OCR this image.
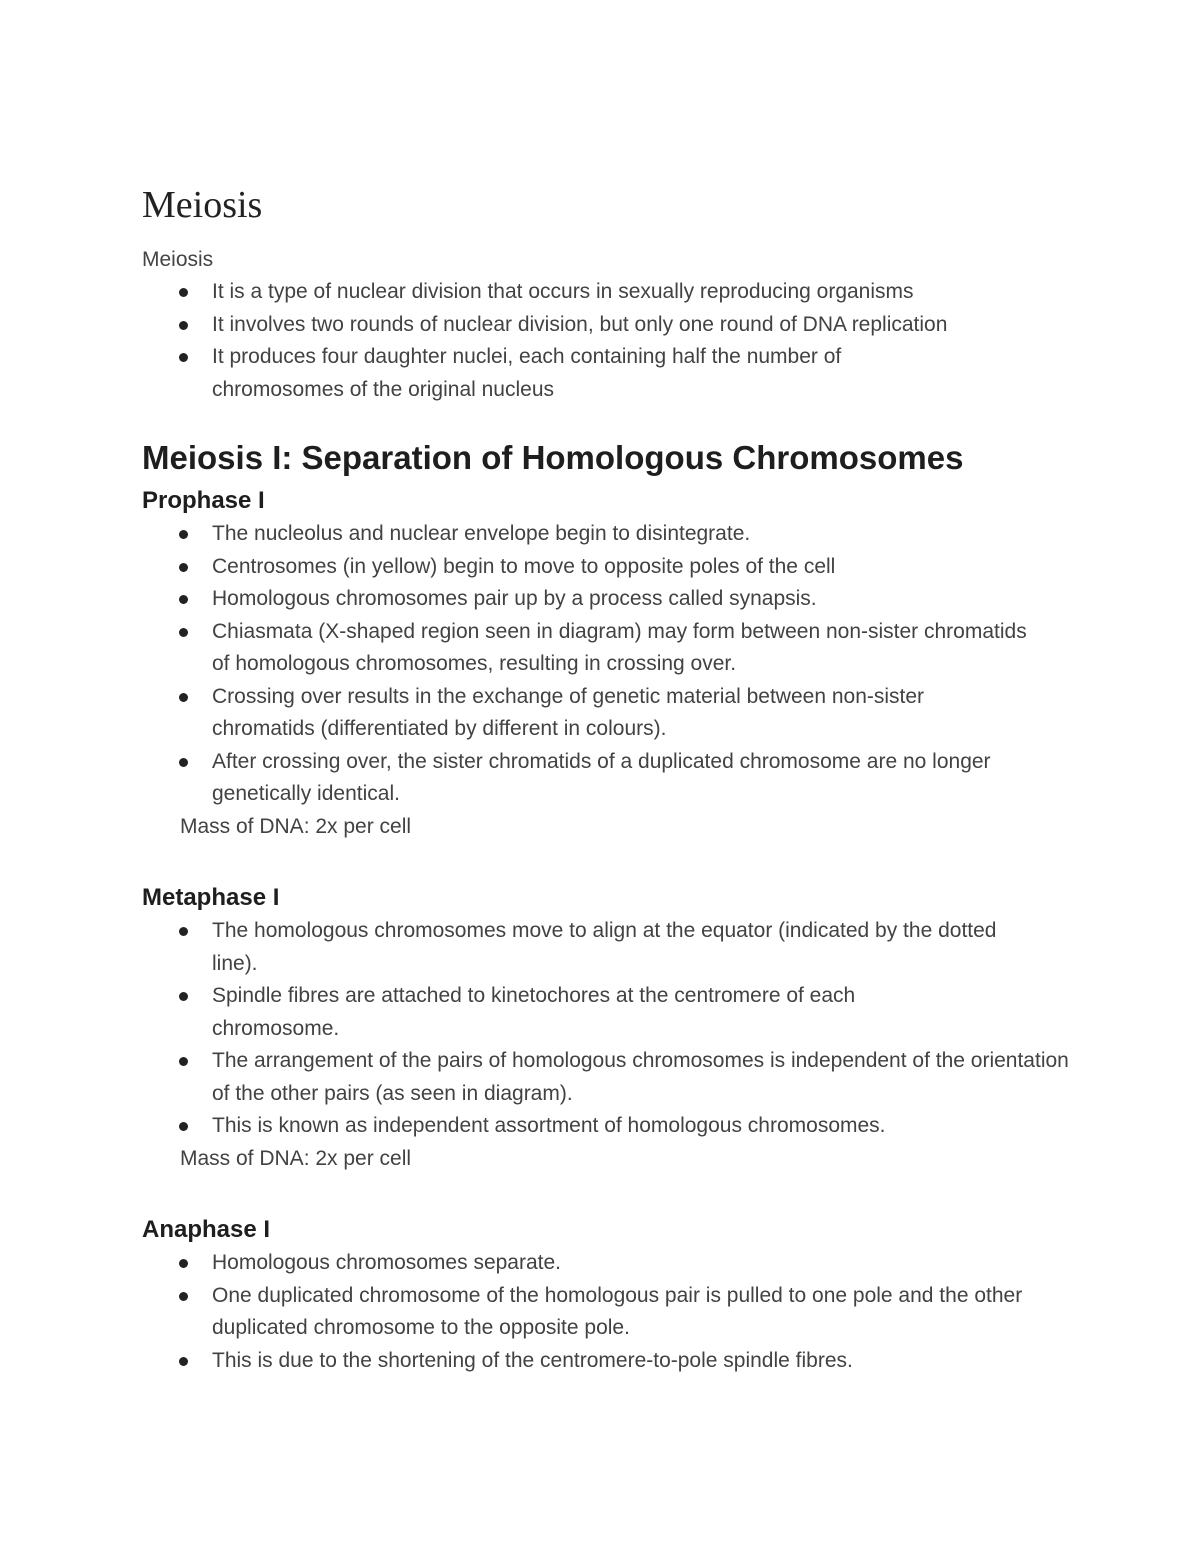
Meiosis
Meiosis
It is a type of nuclear division that occurs in sexually reproducing organisms
It involves two rounds of nuclear division, but only one round of DNA replication
It produces four daughter nuclei, each containing half the number of chromosomes of the original nucleus
Meiosis I: Separation of Homologous Chromosomes
Prophase I
The nucleolus and nuclear envelope begin to disintegrate.
Centrosomes (in yellow) begin to move to opposite poles of the cell
Homologous chromosomes pair up by a process called synapsis.
Chiasmata (X-shaped region seen in diagram) may form between non-sister chromatids of homologous chromosomes, resulting in crossing over.
Crossing over results in the exchange of genetic material between non-sister chromatids (differentiated by different in colours).
After crossing over, the sister chromatids of a duplicated chromosome are no longer genetically identical.
Mass of DNA: 2x per cell
Metaphase I
The homologous chromosomes move to align at the equator (indicated by the dotted line).
Spindle fibres are attached to kinetochores at the centromere of each chromosome.
The arrangement of the pairs of homologous chromosomes is independent of the orientation of the other pairs (as seen in diagram).
This is known as independent assortment of homologous chromosomes.
Mass of DNA: 2x per cell
Anaphase I
Homologous chromosomes separate.
One duplicated chromosome of the homologous pair is pulled to one pole and the other duplicated chromosome to the opposite pole.
This is due to the shortening of the centromere-to-pole spindle fibres.
